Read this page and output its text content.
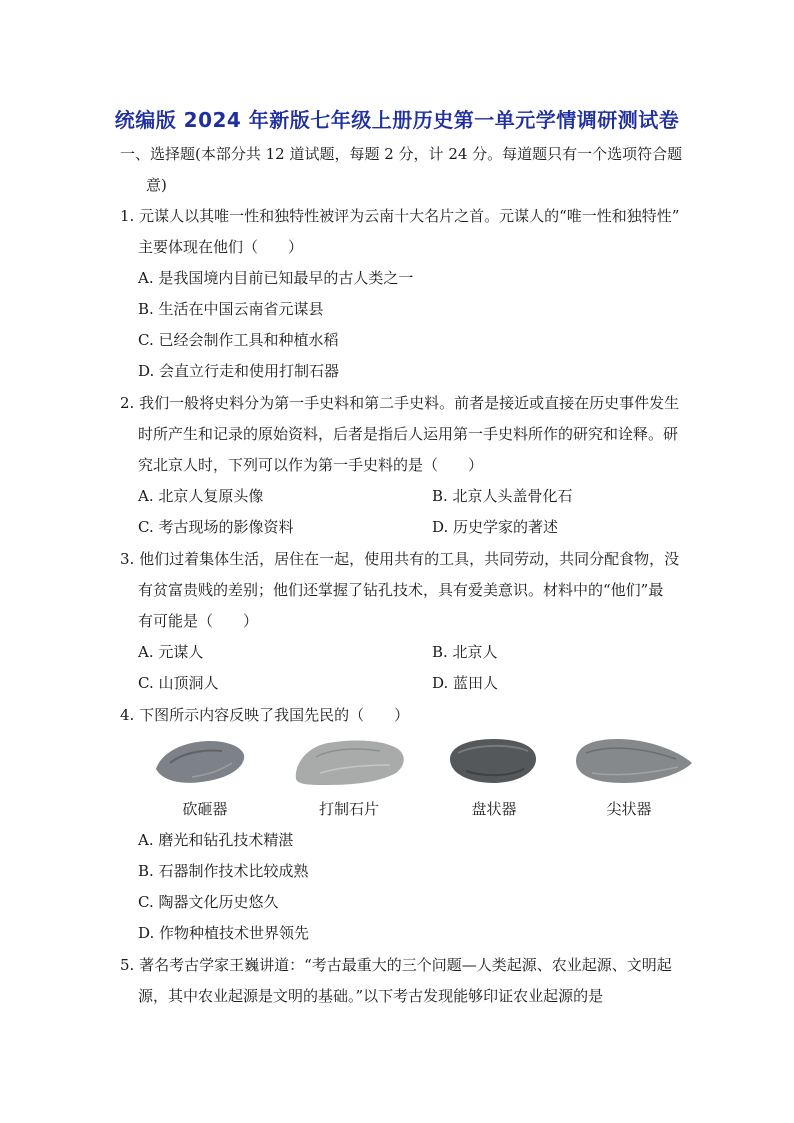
统编版 2024 年新版七年级上册历史第一单元学情调研测试卷
一、选择题(本部分共 12 道试题，每题 2 分，计 24 分。每道题只有一个选项符合题
意)
1. 元谋人以其唯一性和独特性被评为云南十大名片之首。元谋人的“唯一性和独特性”
主要体现在他们（　　）
A. 是我国境内目前已知最早的古人类之一
B. 生活在中国云南省元谋县
C. 已经会制作工具和种植水稻
D. 会直立行走和使用打制石器
2. 我们一般将史料分为第一手史料和第二手史料。前者是接近或直接在历史事件发生
时所产生和记录的原始资料，后者是指后人运用第一手史料所作的研究和诠释。研
究北京人时，下列可以作为第一手史料的是（　　）
A. 北京人复原头像	B. 北京人头盖骨化石
C. 考古现场的影像资料	D. 历史学家的著述
3. 他们过着集体生活，居住在一起，使用共有的工具，共同劳动，共同分配食物，没
有贫富贵贱的差别；他们还掌握了钻孔技术，具有爱美意识。材料中的“他们”最
有可能是（　　）
A. 元谋人	B. 北京人
C. 山顶洞人	D. 蓝田人
4. 下图所示内容反映了我国先民的（　　）
砍砸器	打制石片	盘状器	尖状器
A. 磨光和钻孔技术精湛
B. 石器制作技术比较成熟
C. 陶器文化历史悠久
D. 作物种植技术世界领先
5. 著名考古学家王巍讲道：“考古最重大的三个问题—人类起源、农业起源、文明起
源，其中农业起源是文明的基础。”以下考古发现能够印证农业起源的是
